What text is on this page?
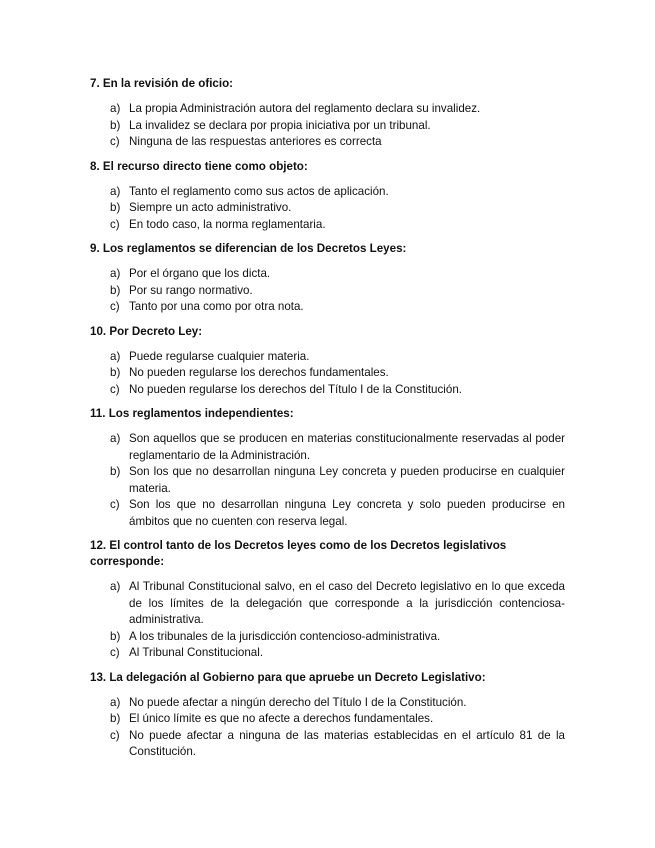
7. En la revisión de oficio:
a) La propia Administración autora del reglamento declara su invalidez.
b) La invalidez se declara por propia iniciativa por un tribunal.
c) Ninguna de las respuestas anteriores es correcta
8. El recurso directo tiene como objeto:
a) Tanto el reglamento como sus actos de aplicación.
b) Siempre un acto administrativo.
c) En todo caso, la norma reglamentaria.
9. Los reglamentos se diferencian de los Decretos Leyes:
a) Por el órgano que los dicta.
b) Por su rango normativo.
c) Tanto por una como por otra nota.
10. Por Decreto Ley:
a) Puede regularse cualquier materia.
b) No pueden regularse los derechos fundamentales.
c) No pueden regularse los derechos del Título I de la Constitución.
11. Los reglamentos independientes:
a) Son aquellos que se producen en materias constitucionalmente reservadas al poder reglamentario de la Administración.
b) Son los que no desarrollan ninguna Ley concreta y pueden producirse en cualquier materia.
c) Son los que no desarrollan ninguna Ley concreta y solo pueden producirse en ámbitos que no cuenten con reserva legal.
12. El control tanto de los Decretos leyes como de los Decretos legislativos corresponde:
a) Al Tribunal Constitucional salvo, en el caso del Decreto legislativo en lo que exceda de los límites de la delegación que corresponde a la jurisdicción contenciosa-administrativa.
b) A los tribunales de la jurisdicción contencioso-administrativa.
c) Al Tribunal Constitucional.
13. La delegación al Gobierno para que apruebe un Decreto Legislativo:
a) No puede afectar a ningún derecho del Título I de la Constitución.
b) El único límite es que no afecte a derechos fundamentales.
c) No puede afectar a ninguna de las materias establecidas en el artículo 81 de la Constitución.
